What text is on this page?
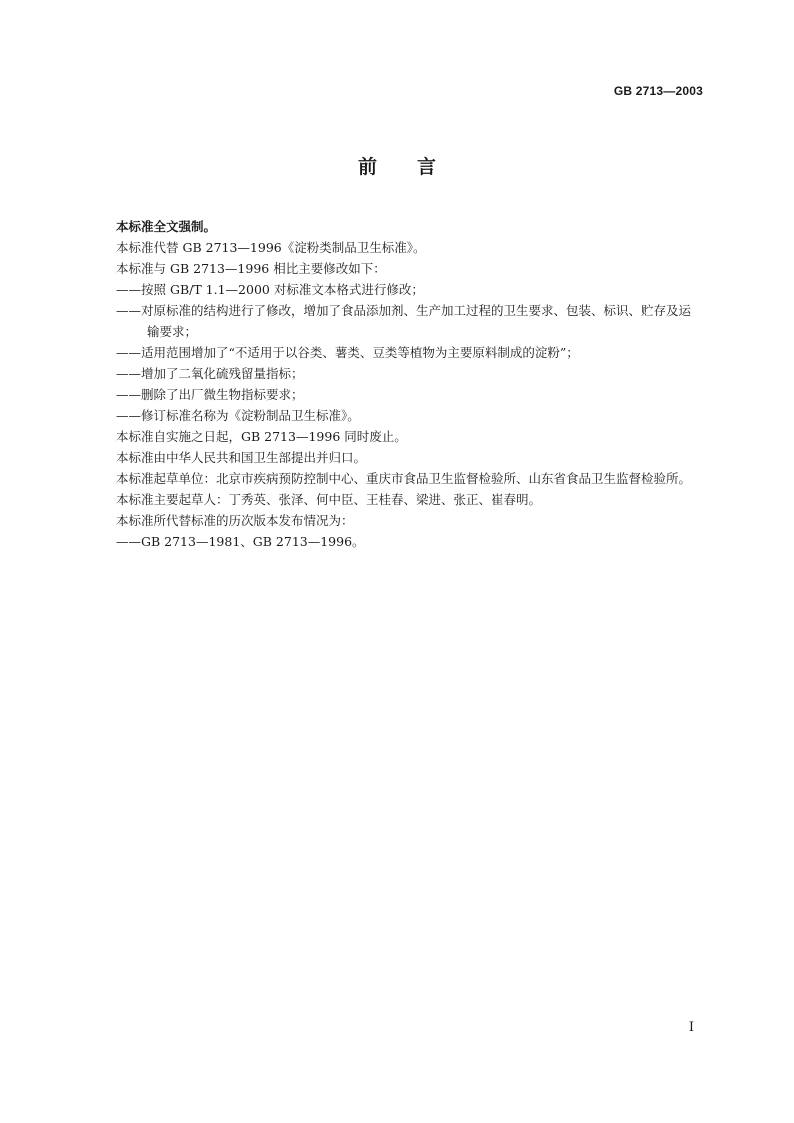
GB 2713—2003
前言

本标准全文强制。

本标准代替 GB 2713—1996《淀粉类制品卫生标准》。

本标准与 GB 2713—1996 相比主要修改如下：

——按照 GB/T 1.1—2000 对标准文本格式进行修改；

——对原标准的结构进行了修改，增加了食品添加剂、生产加工过程的卫生要求、包装、标识、贮存及运输要求；

——适用范围增加了“不适用于以谷类、薯类、豆类等植物为主要原料制成的淀粉”；

——增加了二氧化硫残留量指标；

——删除了出厂微生物指标要求；

——修订标准名称为《淀粉制品卫生标准》。

本标准自实施之日起，GB 2713—1996 同时废止。

本标准由中华人民共和国卫生部提出并归口。

本标准起草单位：北京市疾病预防控制中心、重庆市食品卫生监督检验所、山东省食品卫生监督检验所。

本标准主要起草人：丁秀英、张泽、何中臣、王桂春、梁进、张正、崔春明。

本标准所代替标准的历次版本发布情况为：

——GB 2713—1981、GB 2713—1996。

I
